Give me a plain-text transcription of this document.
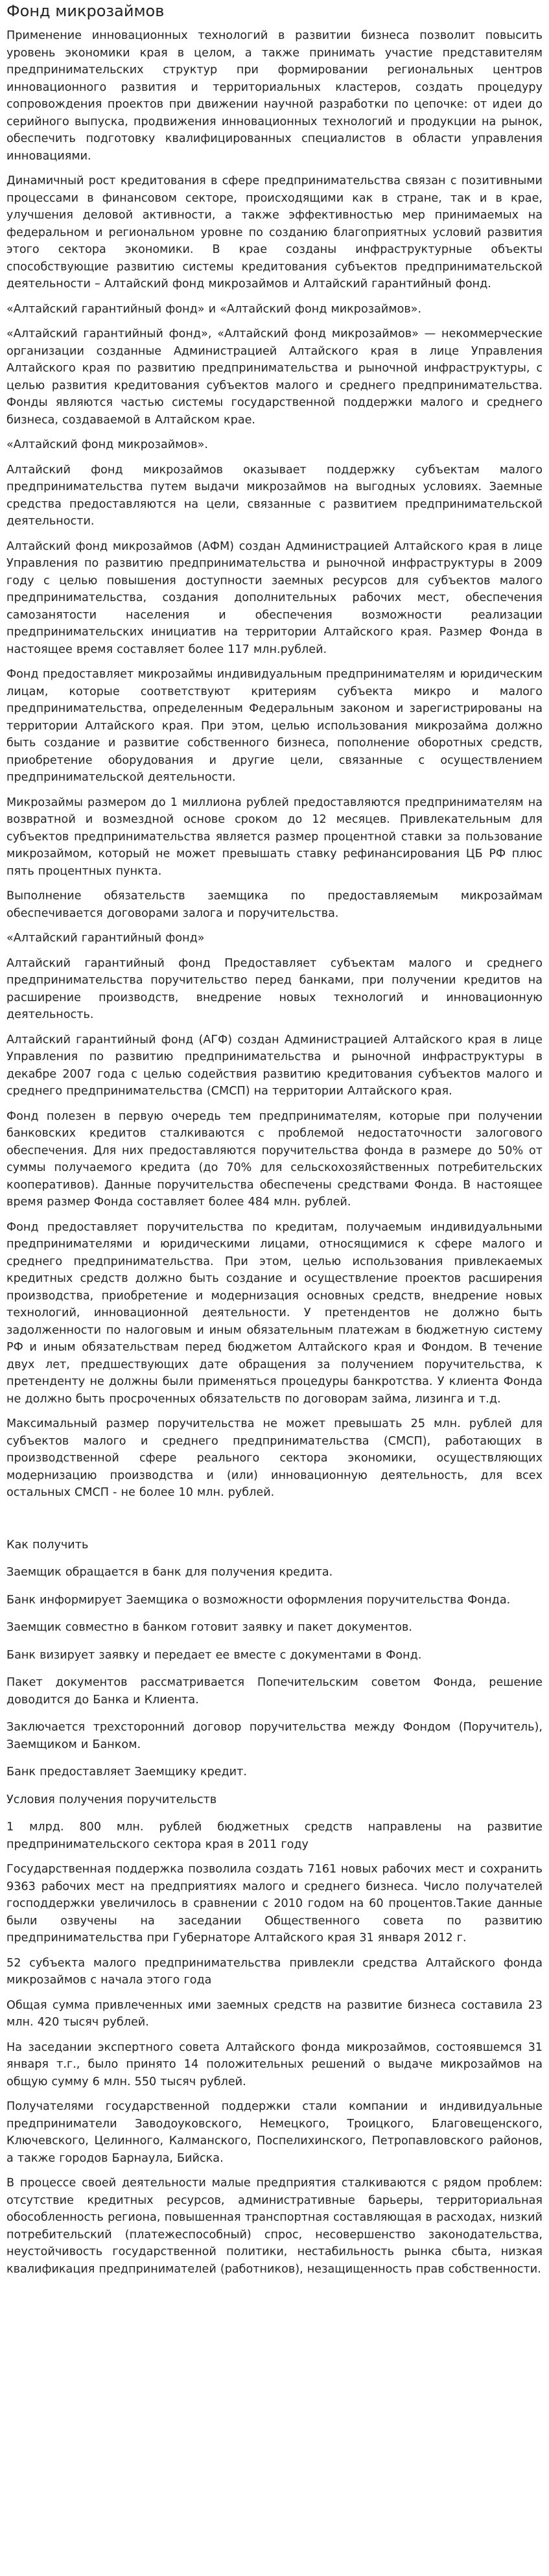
Фонд микрозаймов

Применение инновационных технологий в развитии бизнеса позволит повысить уровень экономики края в целом, а также принимать участие представителям предпринимательских структур при формировании региональных центров инновационного развития и территориальных кластеров, создать процедуру сопровождения проектов при движении научной разработки по цепочке: от идеи до серийного выпуска, продвижения инновационных технологий и продукции на рынок, обеспечить подготовку квалифицированных специалистов в области управления инновациями.

Динамичный рост кредитования в сфере предпринимательства связан с позитивными процессами в финансовом секторе, происходящими как в стране, так и в крае, улучшения деловой активности, а также эффективностью мер принимаемых на федеральном и региональном уровне по созданию благоприятных условий развития этого сектора экономики. В крае созданы инфраструктурные объекты способствующие развитию системы кредитования субъектов предпринимательской деятельности – Алтайский фонд микрозаймов и Алтайский гарантийный фонд.

«Алтайский гарантийный фонд» и «Алтайский фонд микрозаймов».

«Алтайский гарантийный фонд», «Алтайский фонд микрозаймов» — некоммерческие организации созданные Администрацией Алтайского края в лице Управления Алтайского края по развитию предпринимательства и рыночной инфраструктуры, с целью развития кредитования субъектов малого и среднего предпринимательства. Фонды являются частью системы государственной поддержки малого и среднего бизнеса, создаваемой в Алтайском крае.

«Алтайский фонд микрозаймов».

Алтайский фонд микрозаймов оказывает поддержку субъектам малого предпринимательства путем выдачи микрозаймов на выгодных условиях. Заемные средства предоставляются на цели, связанные с развитием предпринимательской деятельности.

Алтайский фонд микрозаймов (АФМ) создан Администрацией Алтайского края в лице Управления по развитию предпринимательства и рыночной инфраструктуры в 2009 году с целью повышения доступности заемных ресурсов для субъектов малого предпринимательства, создания дополнительных рабочих мест, обеспечения самозанятости населения и обеспечения возможности реализации предпринимательских инициатив на территории Алтайского края. Размер Фонда в настоящее время составляет более 117 млн.рублей.

Фонд предоставляет микрозаймы индивидуальным предпринимателям и юридическим лицам, которые соответствуют критериям субъекта микро и малого предпринимательства, определенным Федеральным законом и зарегистрированы на территории Алтайского края. При этом, целью использования микрозайма должно быть создание и развитие собственного бизнеса, пополнение оборотных средств, приобретение оборудования и другие цели, связанные с осуществлением предпринимательской деятельности.

Микрозаймы размером до 1 миллиона рублей предоставляются предпринимателям на возвратной и возмездной основе сроком до 12 месяцев. Привлекательным для субъектов предпринимательства является размер процентной ставки за пользование микрозаймом, который не может превышать ставку рефинансирования ЦБ РФ плюс пять процентных пункта.

Выполнение обязательств заемщика по предоставляемым микрозаймам обеспечивается договорами залога и поручительства.

«Алтайский гарантийный фонд»

Алтайский гарантийный фонд Предоставляет субъектам малого и среднего предпринимательства поручительство перед банками, при получении кредитов на расширение производств, внедрение новых технологий и инновационную деятельность.

Алтайский гарантийный фонд (АГФ) создан Администрацией Алтайского края в лице Управления по развитию предпринимательства и рыночной инфраструктуры в декабре 2007 года с целью содействия развитию кредитования субъектов малого и среднего предпринимательства (СМСП) на территории Алтайского края.

Фонд полезен в первую очередь тем предпринимателям, которые при получении банковских кредитов сталкиваются с проблемой недостаточности залогового обеспечения. Для них предоставляются поручительства фонда в размере до 50% от суммы получаемого кредита (до 70% для сельскохозяйственных потребительских кооперативов). Данные поручительства обеспечены средствами Фонда. В настоящее время размер Фонда составляет более 484 млн. рублей.

Фонд предоставляет поручительства по кредитам, получаемым индивидуальными предпринимателями и юридическими лицами, относящимися к сфере малого и среднего предпринимательства. При этом, целью использования привлекаемых кредитных средств должно быть создание и осуществление проектов расширения производства, приобретение и модернизация основных средств, внедрение новых технологий, инновационной деятельности. У претендентов не должно быть задолженности по налоговым и иным обязательным платежам в бюджетную систему РФ и иным обязательствам перед бюджетом Алтайского края и Фондом. В течение двух лет, предшествующих дате обращения за получением поручительства, к претенденту не должны были применяться процедуры банкротства. У клиента Фонда не должно быть просроченных обязательств по договорам займа, лизинга и т.д.

Максимальный размер поручительства не может превышать 25 млн. рублей для субъектов малого и среднего предпринимательства (СМСП), работающих в производственной сфере реального сектора экономики, осуществляющих модернизацию производства и (или) инновационную деятельность, для всех остальных СМСП - не более 10 млн. рублей.

Как получить

Заемщик обращается в банк для получения кредита.

Банк информирует Заемщика о возможности оформления поручительства Фонда.

Заемщик совместно в банком готовит заявку и пакет документов.

Банк визирует заявку и передает ее вместе с документами в Фонд.

Пакет документов рассматривается Попечительским советом Фонда, решение доводится до Банка и Клиента.

Заключается трехсторонний договор поручительства между Фондом (Поручитель), Заемщиком и Банком.

Банк предоставляет Заемщику кредит.

Условия получения поручительств

1 млрд. 800 млн. рублей бюджетных средств направлены на развитие предпринимательского сектора края в 2011 году

Государственная поддержка позволила создать 7161 новых рабочих мест и сохранить 9363 рабочих мест на предприятиях малого и среднего бизнеса. Число получателей господдержки увеличилось в сравнении с 2010 годом на 60 процентов.Такие данные были озвучены на заседании Общественного совета по развитию предпринимательства при Губернаторе Алтайского края 31 января 2012 г.

52 субъекта малого предпринимательства привлекли средства Алтайского фонда микрозаймов с начала этого года

Общая сумма привлеченных ими заемных средств на развитие бизнеса составила 23 млн. 420 тысяч рублей.

На заседании экспертного совета Алтайского фонда микрозаймов, состоявшемся 31 января т.г., было принято 14 положительных решений о выдаче микрозаймов на общую сумму 6 млн. 550 тысяч рублей.

Получателями государственной поддержки стали компании и индивидуальные предприниматели Заводоуковского, Немецкого, Троицкого, Благовещенского, Ключевского, Целинного, Калманского, Поспелихинского, Петропавловского районов, а также городов Барнаула, Бийска.

В процессе своей деятельности малые предприятия сталкиваются с рядом проблем: отсутствие кредитных ресурсов, административные барьеры, территориальная обособленность региона, повышенная транспортная составляющая в расходах, низкий потребительский (платежеспособный) спрос, несовершенство законодательства, неустойчивость государственной политики, нестабильность рынка сбыта, низкая квалификация предпринимателей (работников), незащищенность прав собственности.
